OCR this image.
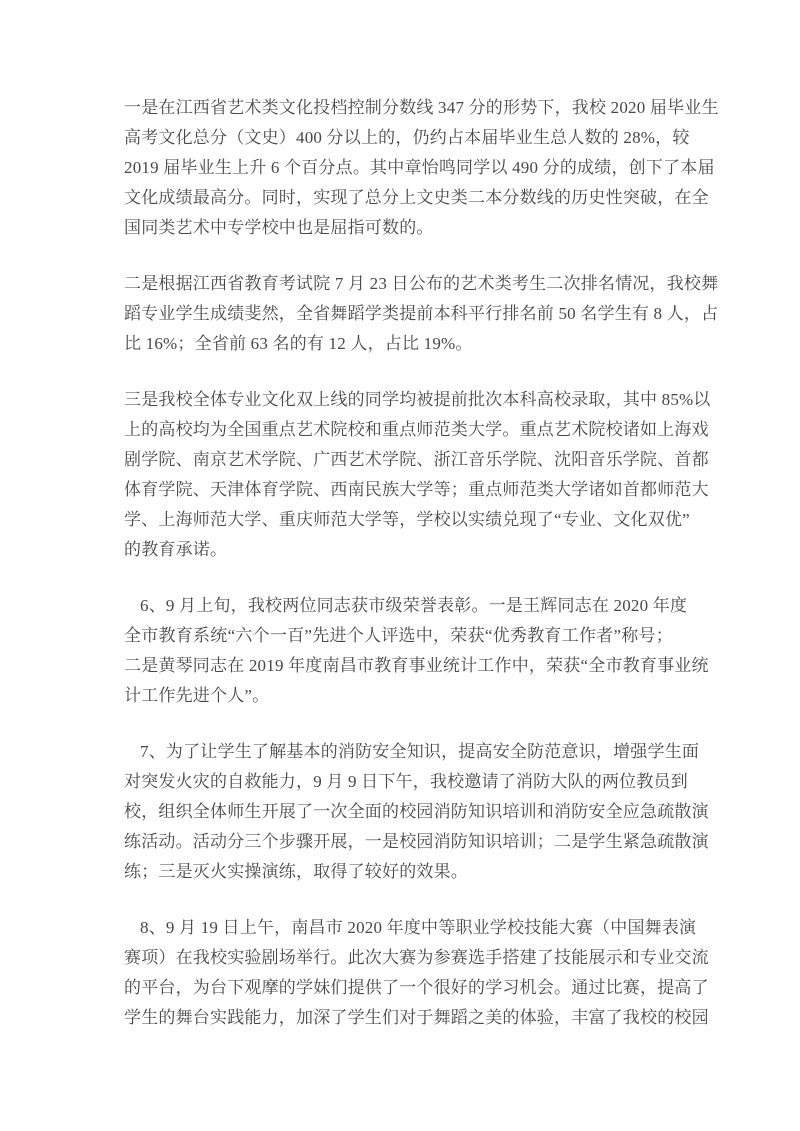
一是在江西省艺术类文化投档控制分数线 347 分的形势下，我校 2020 届毕业生
高考文化总分（文史）400 分以上的，仍约占本届毕业生总人数的 28%，较
2019 届毕业生上升 6 个百分点。其中章怡鸣同学以 490 分的成绩，创下了本届
文化成绩最高分。同时，实现了总分上文史类二本分数线的历史性突破，在全
国同类艺术中专学校中也是屈指可数的。
二是根据江西省教育考试院 7 月 23 日公布的艺术类考生二次排名情况，我校舞
蹈专业学生成绩斐然，全省舞蹈学类提前本科平行排名前 50 名学生有 8 人，占
比 16%；全省前 63 名的有 12 人，占比 19%。
三是我校全体专业文化双上线的同学均被提前批次本科高校录取，其中 85%以
上的高校均为全国重点艺术院校和重点师范类大学。重点艺术院校诸如上海戏
剧学院、南京艺术学院、广西艺术学院、浙江音乐学院、沈阳音乐学院、首都
体育学院、天津体育学院、西南民族大学等；重点师范类大学诸如首都师范大
学、上海师范大学、重庆师范大学等，学校以实绩兑现了“专业、文化双优”
的教育承诺。
6、9 月上旬，我校两位同志获市级荣誉表彰。一是王辉同志在 2020 年度
全市教育系统“六个一百”先进个人评选中，荣获“优秀教育工作者”称号；
二是黄琴同志在 2019 年度南昌市教育事业统计工作中，荣获“全市教育事业统
计工作先进个人”。
7、为了让学生了解基本的消防安全知识，提高安全防范意识，增强学生面
对突发火灾的自救能力，9 月 9 日下午，我校邀请了消防大队的两位教员到
校，组织全体师生开展了一次全面的校园消防知识培训和消防安全应急疏散演
练活动。活动分三个步骤开展，一是校园消防知识培训；二是学生紧急疏散演
练；三是灭火实操演练，取得了较好的效果。
8、9 月 19 日上午，南昌市 2020 年度中等职业学校技能大赛（中国舞表演
赛项）在我校实验剧场举行。此次大赛为参赛选手搭建了技能展示和专业交流
的平台，为台下观摩的学妹们提供了一个很好的学习机会。通过比赛，提高了
学生的舞台实践能力，加深了学生们对于舞蹈之美的体验，丰富了我校的校园
